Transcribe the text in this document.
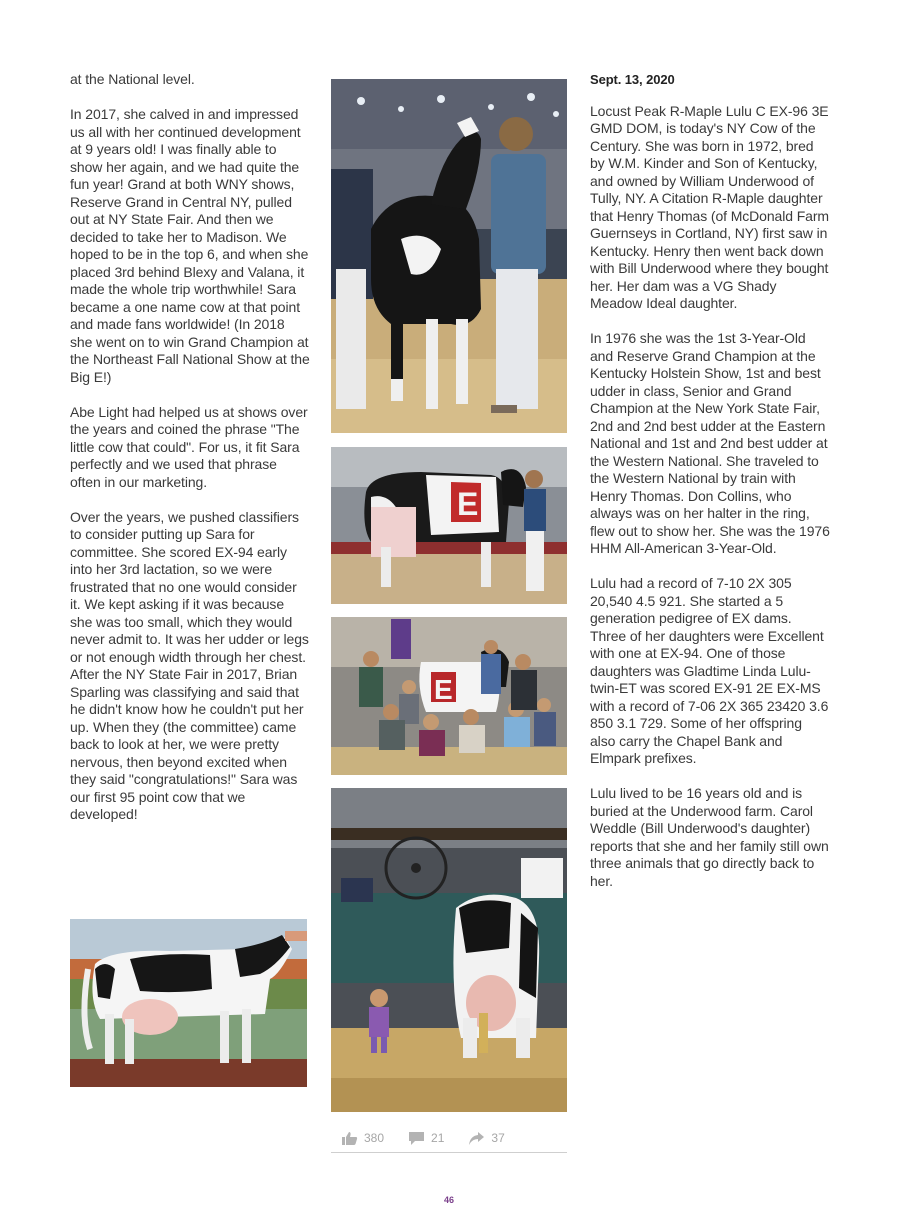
at the National level.

In 2017, she calved in and impressed us all with her continued development at 9 years old! I was finally able to show her again, and we had quite the fun year! Grand at both WNY shows, Reserve Grand in Central NY, pulled out at NY State Fair. And then we decided to take her to Madison. We hoped to be in the top 6, and when she placed 3rd behind Blexy and Valana, it made the whole trip worthwhile! Sara became a one name cow at that point and made fans worldwide! (In 2018 she went on to win Grand Champion at the Northeast Fall National Show at the Big E!)

Abe Light had helped us at shows over the years and coined the phrase "The little cow that could". For us, it fit Sara perfectly and we used that phrase often in our marketing.

Over the years, we pushed classifiers to consider putting up Sara for committee. She scored EX-94 early into her 3rd lactation, so we were frustrated that no one would consider it. We kept asking if it was because she was too small, which they would never admit to. It was her udder or legs or not enough width through her chest. After the NY State Fair in 2017, Brian Sparling was classifying and said that he didn't know how he couldn't put her up. When they (the committee) came back to look at her, we were pretty nervous, then beyond excited when they said "congratulations!" Sara was our first 95 point cow that we developed!

Sept. 13, 2020

Locust Peak R-Maple Lulu C EX-96 3E GMD DOM, is today's NY Cow of the Century. She was born in 1972, bred by W.M. Kinder and Son of Kentucky, and owned by William Underwood of Tully, NY. A Citation R-Maple daughter that Henry Thomas (of McDonald Farm Guernseys in Cortland, NY) first saw in Kentucky. Henry then went back down with Bill Underwood where they bought her. Her dam was a VG Shady Meadow Ideal daughter.

In 1976 she was the 1st 3-Year-Old and Reserve Grand Champion at the Kentucky Holstein Show, 1st and best udder in class, Senior and Grand Champion at the New York State Fair, 2nd and 2nd best udder at the Eastern National and 1st and 2nd best udder at the Western National. She traveled to the Western National by train with Henry Thomas. Don Collins, who always was on her halter in the ring, flew out to show her. She was the 1976 HHM All-American 3-Year-Old.

Lulu had a record of 7-10 2X 305 20,540 4.5 921. She started a 5 generation pedigree of EX dams. Three of her daughters were Excellent with one at EX-94. One of those daughters was Gladtime Linda Lulu-twin-ET was scored EX-91 2E EX-MS with a record of 7-06 2X 365 23420 3.6 850 3.1 729. Some of her offspring also carry the Chapel Bank and Elmpark prefixes.

Lulu lived to be 16 years old and is buried at the Underwood farm. Carol Weddle (Bill Underwood's daughter) reports that she and her family still own three animals that go directly back to her.

E
E
380	21	37
46
